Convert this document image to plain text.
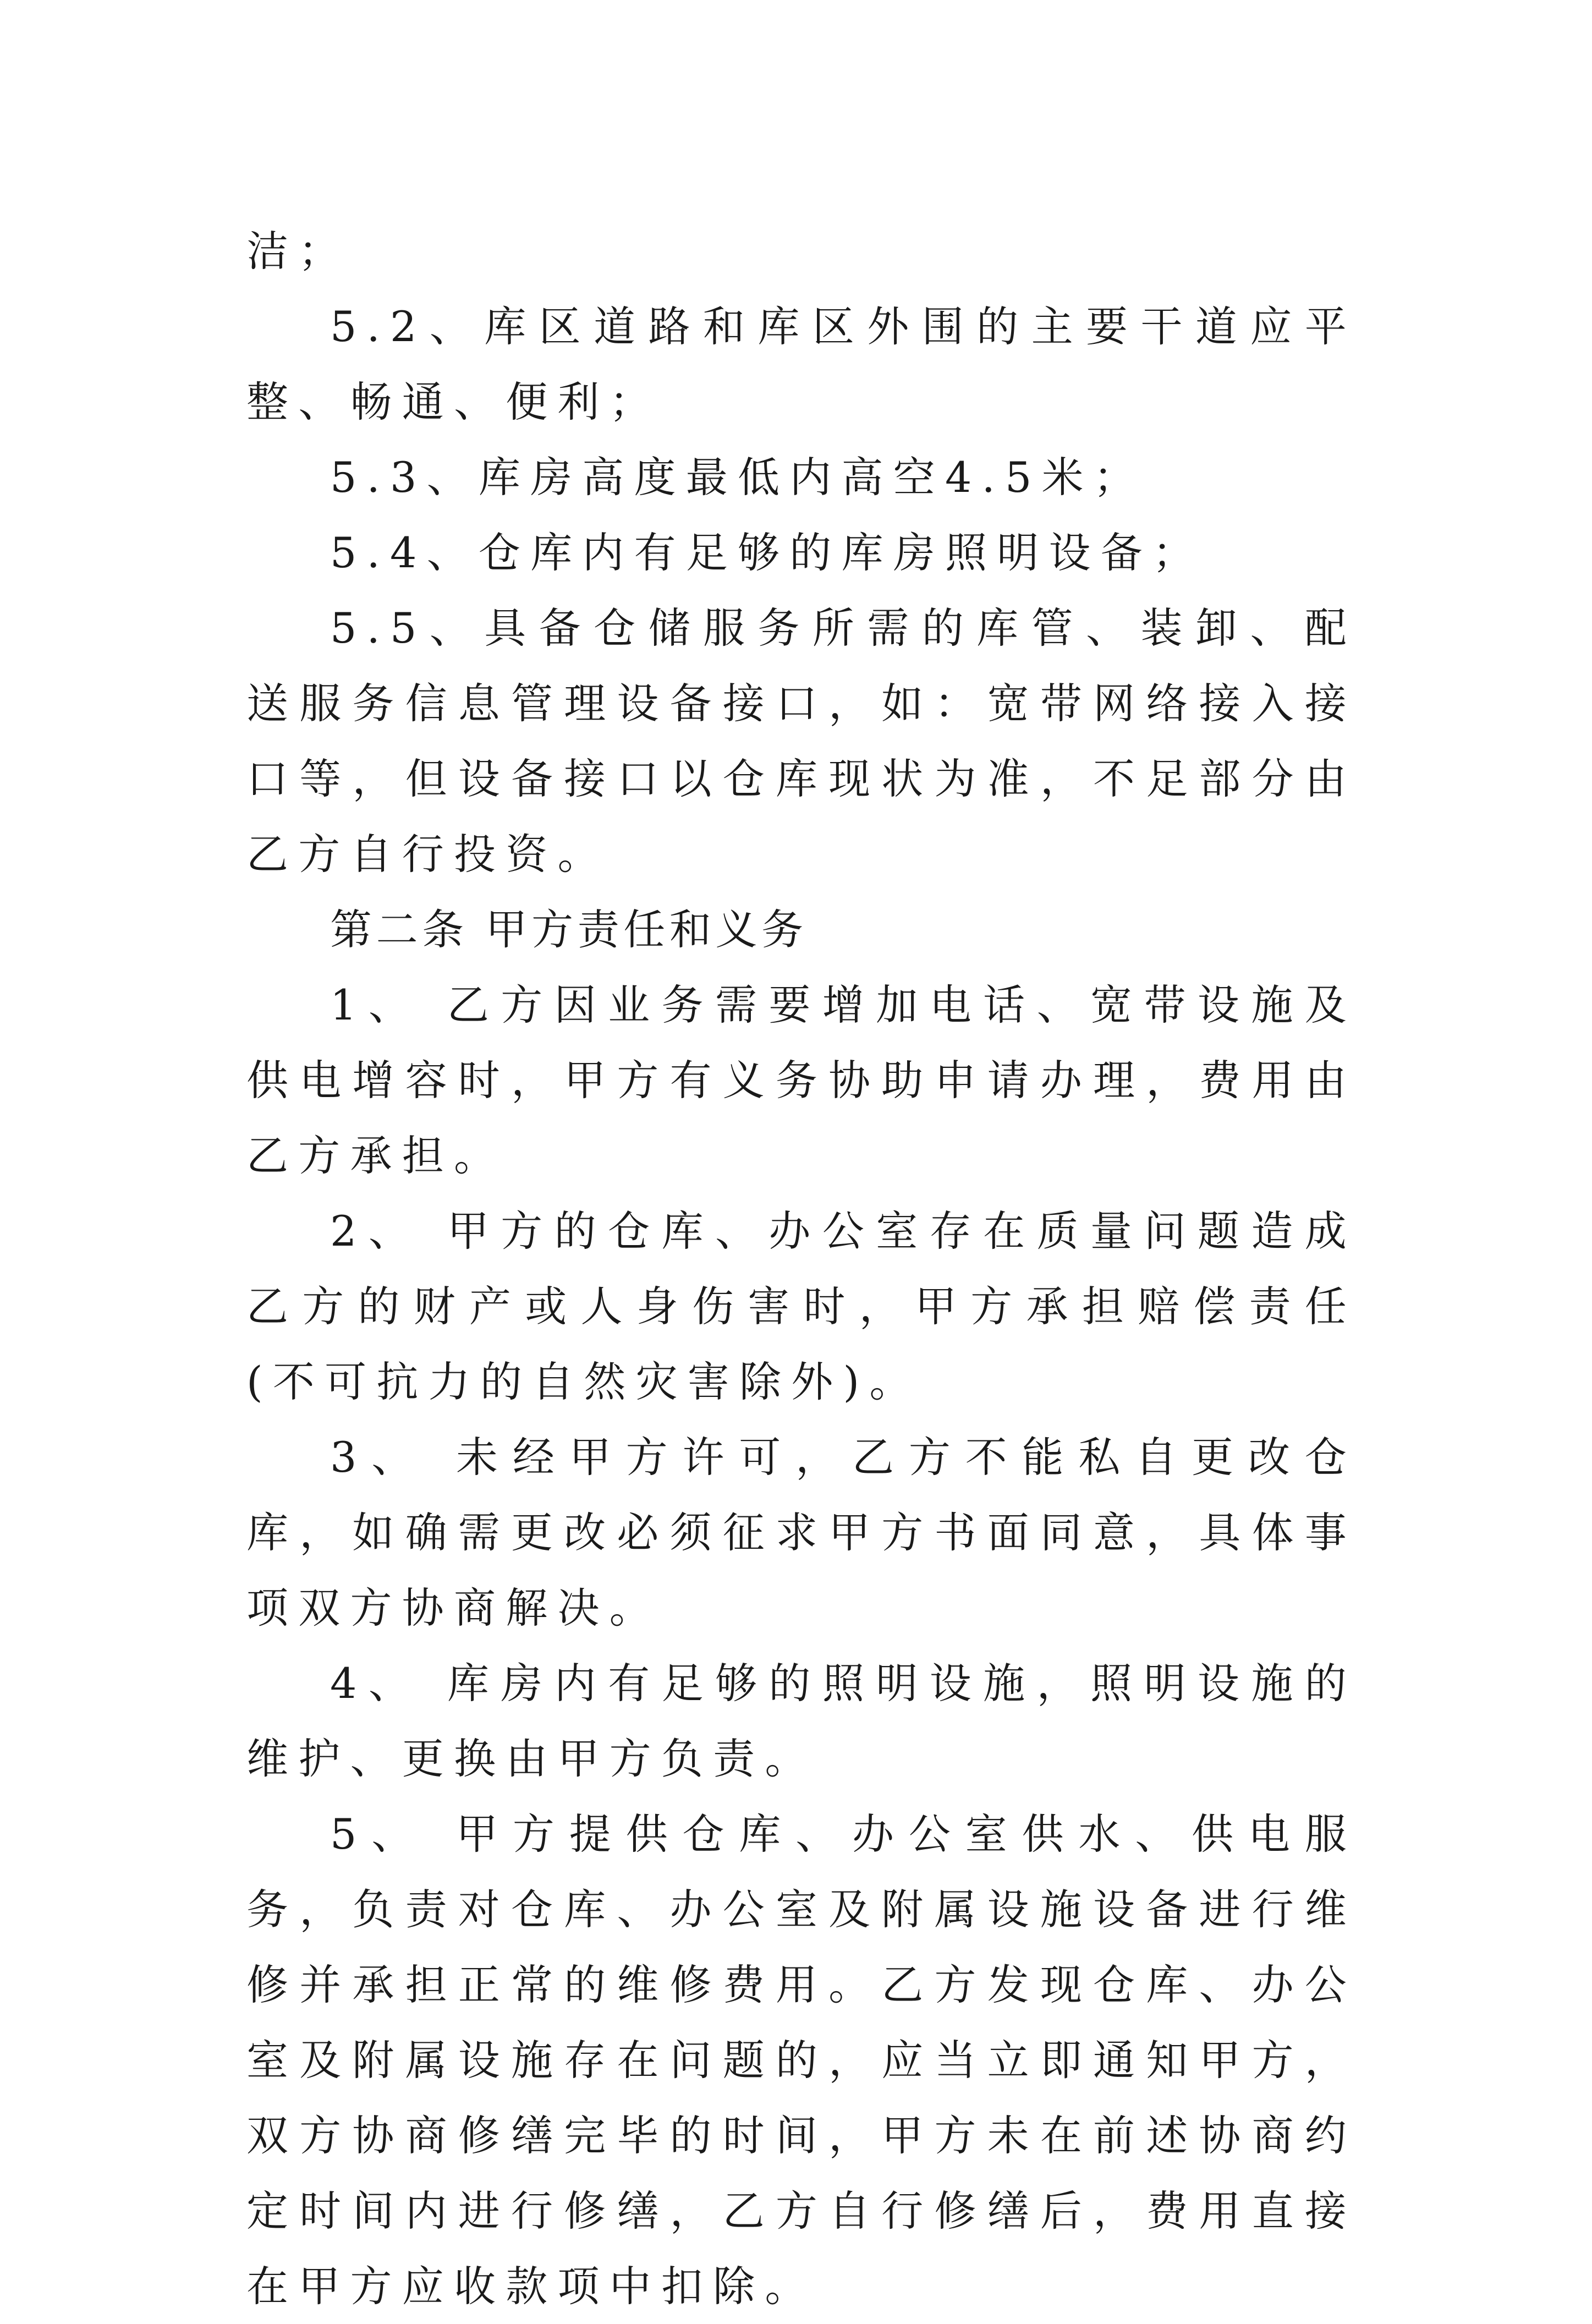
洁；

5.2、库区道路和库区外围的主要干道应平整、畅通、便利；

5.3、库房高度最低内高空4.5米；

5.4、仓库内有足够的库房照明设备；

5.5、具备仓储服务所需的库管、装卸、配送服务信息管理设备接口，如：宽带网络接入接口等，但设备接口以仓库现状为准，不足部分由乙方自行投资。

第二条 甲方责任和义务

1、 乙方因业务需要增加电话、宽带设施及供电增容时，甲方有义务协助申请办理，费用由乙方承担。

2、 甲方的仓库、办公室存在质量问题造成乙方的财产或人身伤害时，甲方承担赔偿责任(不可抗力的自然灾害除外)。

3、 未经甲方许可，乙方不能私自更改仓库，如确需更改必须征求甲方书面同意，具体事项双方协商解决。

4、 库房内有足够的照明设施，照明设施的维护、更换由甲方负责。

5、 甲方提供仓库、办公室供水、供电服务，负责对仓库、办公室及附属设施设备进行维修并承担正常的维修费用。乙方发现仓库、办公室及附属设施存在问题的，应当立即通知甲方，双方协商修缮完毕的时间，甲方未在前述协商约定时间内进行修缮，乙方自行修缮后，费用直接在甲方应收款项中扣除。
